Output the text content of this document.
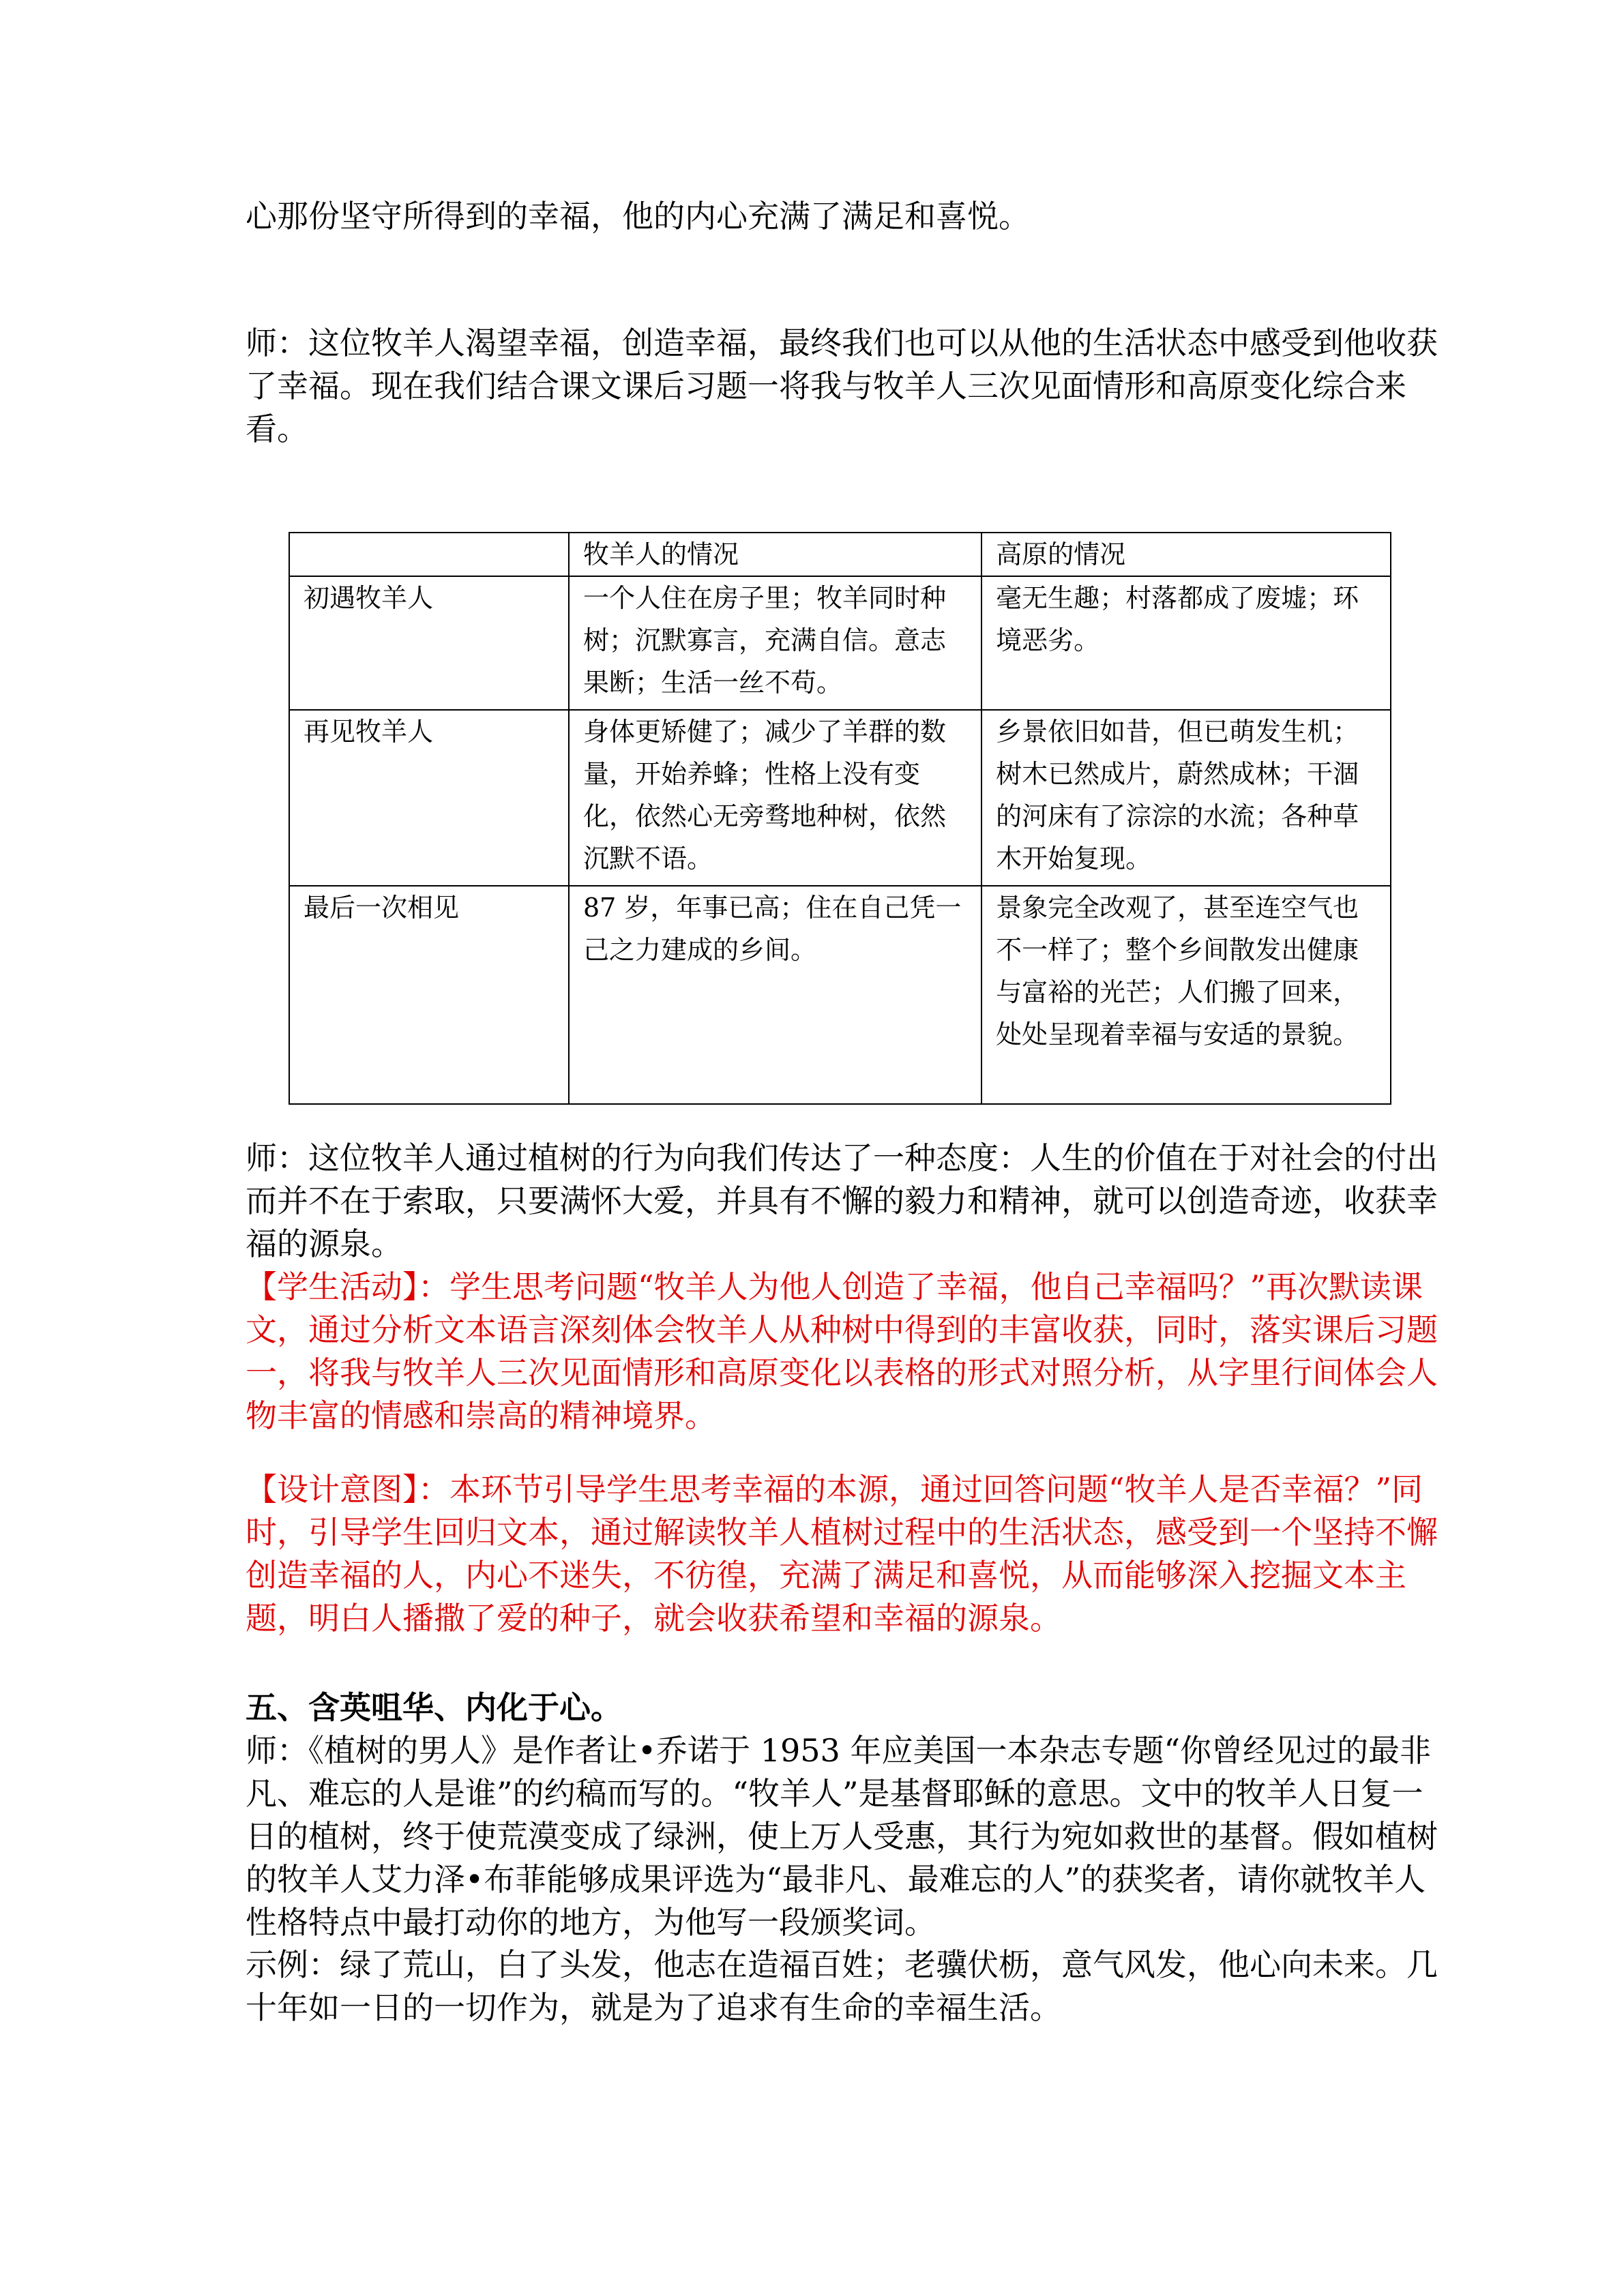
心那份坚守所得到的幸福，他的内心充满了满足和喜悦。

师：这位牧羊人渴望幸福，创造幸福，最终我们也可以从他的生活状态中感受到他收获了幸福。现在我们结合课文课后习题一将我与牧羊人三次见面情形和高原变化综合来看。

	牧羊人的情况	高原的情况
初遇牧羊人	一个人住在房子里；牧羊同时种树；沉默寡言，充满自信。意志果断；生活一丝不苟。	毫无生趣；村落都成了废墟；环境恶劣。
再见牧羊人	身体更矫健了；减少了羊群的数量，开始养蜂；性格上没有变化，依然心无旁骛地种树，依然沉默不语。	乡景依旧如昔，但已萌发生机；树木已然成片，蔚然成林；干涸的河床有了淙淙的水流；各种草木开始复现。
最后一次相见	87 岁，年事已高；住在自己凭一己之力建成的乡间。	景象完全改观了，甚至连空气也不一样了；整个乡间散发出健康与富裕的光芒；人们搬了回来，处处呈现着幸福与安适的景貌。

师：这位牧羊人通过植树的行为向我们传达了一种态度：人生的价值在于对社会的付出而并不在于索取，只要满怀大爱，并具有不懈的毅力和精神，就可以创造奇迹，收获幸福的源泉。

【学生活动】：学生思考问题“牧羊人为他人创造了幸福，他自己幸福吗？”再次默读课文，通过分析文本语言深刻体会牧羊人从种树中得到的丰富收获，同时，落实课后习题一，将我与牧羊人三次见面情形和高原变化以表格的形式对照分析，从字里行间体会人物丰富的情感和崇高的精神境界。

【设计意图】：本环节引导学生思考幸福的本源，通过回答问题“牧羊人是否幸福？”同时，引导学生回归文本，通过解读牧羊人植树过程中的生活状态，感受到一个坚持不懈创造幸福的人，内心不迷失，不彷徨，充满了满足和喜悦，从而能够深入挖掘文本主题，明白人播撒了爱的种子，就会收获希望和幸福的源泉。

五、含英咀华、内化于心。

师：《植树的男人》是作者让•乔诺于 1953 年应美国一本杂志专题“你曾经见过的最非凡、难忘的人是谁”的约稿而写的。“牧羊人”是基督耶稣的意思。文中的牧羊人日复一日的植树，终于使荒漠变成了绿洲，使上万人受惠，其行为宛如救世的基督。假如植树的牧羊人艾力泽•布菲能够成果评选为“最非凡、最难忘的人”的获奖者，请你就牧羊人性格特点中最打动你的地方，为他写一段颁奖词。

示例：绿了荒山，白了头发，他志在造福百姓；老骥伏枥，意气风发，他心向未来。几十年如一日的一切作为，就是为了追求有生命的幸福生活。
